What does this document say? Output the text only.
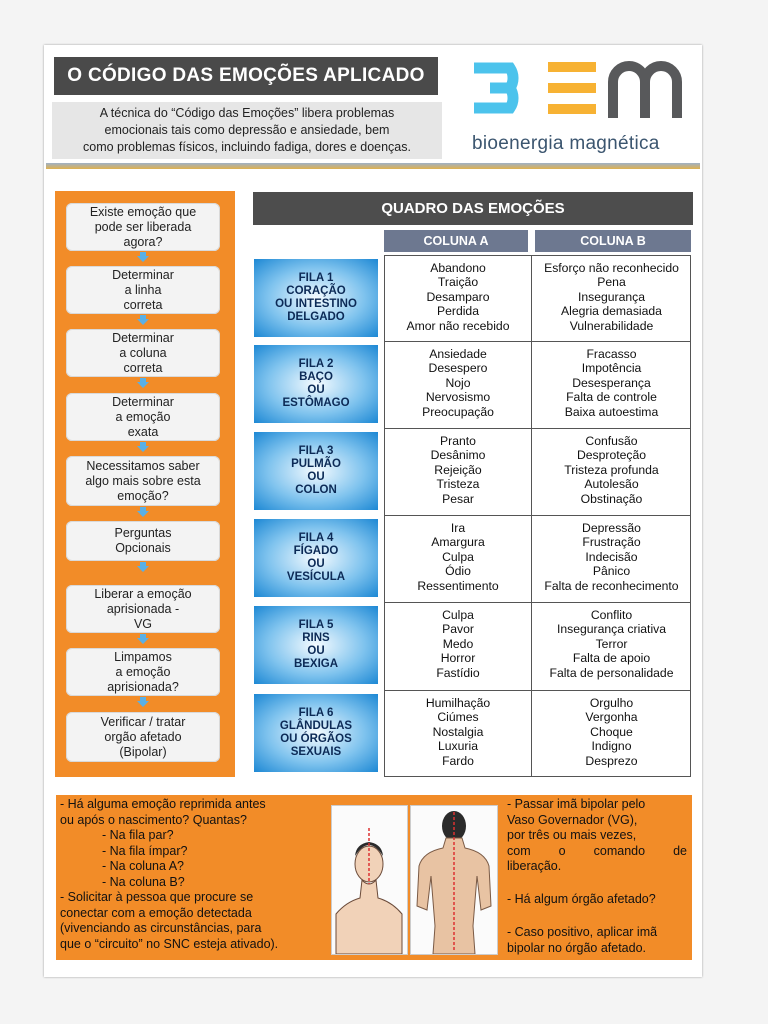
O CÓDIGO DAS EMOÇÕES APLICADO
A técnica do “Código das Emoções” libera problemas
emocionais tais como depressão e ansiedade, bem
como problemas físicos, incluindo fadiga, dores e doenças.	bioenergia magnética
Existe emoção que
pode ser liberada
agora?
Determinar
a linha
correta
Determinar
a coluna
correta
Determinar
a emoção
exata
Necessitamos saber
algo mais sobre esta
emoção?
Perguntas
Opcionais
Liberar a emoção
aprisionada -
VG
Limpamos
a emoção
aprisionada?
Verificar / tratar
orgão afetado
(Bipolar)
QUADRO DAS EMOÇÕES
COLUNA A	COLUNA B
FILA 1
CORAÇÃO
OU INTESTINO
DELGADO
Abandono
Traição
Desamparo
Perdida
Amor não recebido
Esforço não reconhecido
Pena
Insegurança
Alegria demasiada
Vulnerabilidade
FILA 2
BAÇO
OU
ESTÔMAGO
Ansiedade
Desespero
Nojo
Nervosismo
Preocupação
Fracasso
Impotência
Desesperança
Falta de controle
Baixa autoestima
FILA 3
PULMÃO
OU
COLON
Pranto
Desânimo
Rejeição
Tristeza
Pesar
Confusão
Desproteção
Tristeza profunda
Autolesão
Obstinação
FILA 4
FÍGADO
OU
VESÍCULA
Ira
Amargura
Culpa
Ódio
Ressentimento
Depressão
Frustração
Indecisão
Pânico
Falta de reconhecimento
FILA 5
RINS
OU
BEXIGA
Culpa
Pavor
Medo
Horror
Fastídio
Conflito
Insegurança criativa
Terror
Falta de apoio
Falta de personalidade
FILA 6
GLÂNDULAS
OU ÓRGÃOS
SEXUAIS
Humilhação
Ciúmes
Nostalgia
Luxuria
Fardo
Orgulho
Vergonha
Choque
Indigno
Desprezo
- Há alguma emoção reprimida antes
ou após o nascimento? Quantas?
- Na fila par?
- Na fila ímpar?
- Na coluna A?
- Na coluna B?
- Solicitar à pessoa que procure se
conectar com a emoção detectada
(vivenciando as circunstâncias, para
que o “circuito” no SNC esteja ativado).
- Passar imã bipolar pelo
Vaso Governador (VG),
por três ou mais vezes,
com o comando de
liberação.
- Há algum órgão afetado?
- Caso positivo, aplicar imã
bipolar no órgão afetado.
